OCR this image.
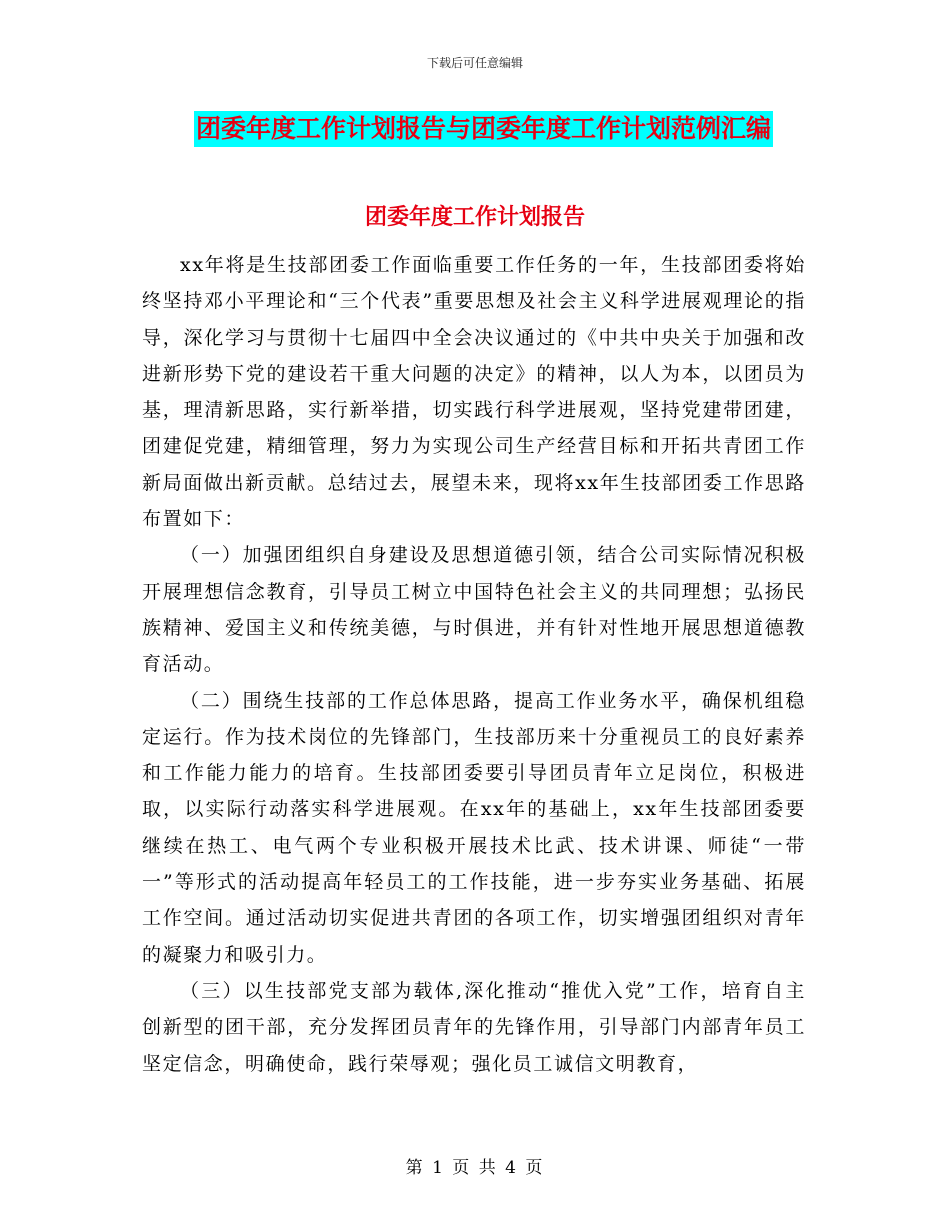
下载后可任意编辑
团委年度工作计划报告与团委年度工作计划范例汇编
团委年度工作计划报告

xx年将是生技部团委工作面临重要工作任务的一年，生技部团委将始终坚持邓小平理论和“三个代表”重要思想及社会主义科学进展观理论的指导，深化学习与贯彻十七届四中全会决议通过的《中共中央关于加强和改进新形势下党的建设若干重大问题的决定》的精神，以人为本，以团员为基，理清新思路，实行新举措，切实践行科学进展观，坚持党建带团建，团建促党建，精细管理，努力为实现公司生产经营目标和开拓共青团工作新局面做出新贡献。总结过去，展望未来，现将xx年生技部团委工作思路布置如下：

（一）加强团组织自身建设及思想道德引领，结合公司实际情况积极开展理想信念教育，引导员工树立中国特色社会主义的共同理想；弘扬民族精神、爱国主义和传统美德，与时俱进，并有针对性地开展思想道德教育活动。

（二）围绕生技部的工作总体思路，提高工作业务水平，确保机组稳定运行。作为技术岗位的先锋部门，生技部历来十分重视员工的良好素养和工作能力能力的培育。生技部团委要引导团员青年立足岗位，积极进取，以实际行动落实科学进展观。在xx年的基础上，xx年生技部团委要继续在热工、电气两个专业积极开展技术比武、技术讲课、师徒“一带一”等形式的活动提高年轻员工的工作技能，进一步夯实业务基础、拓展工作空间。通过活动切实促进共青团的各项工作，切实增强团组织对青年的凝聚力和吸引力。

（三）以生技部党支部为载体,深化推动“推优入党”工作，培育自主创新型的团干部，充分发挥团员青年的先锋作用，引导部门内部青年员工坚定信念，明确使命，践行荣辱观；强化员工诚信文明教育，

第 1 页 共 4 页
